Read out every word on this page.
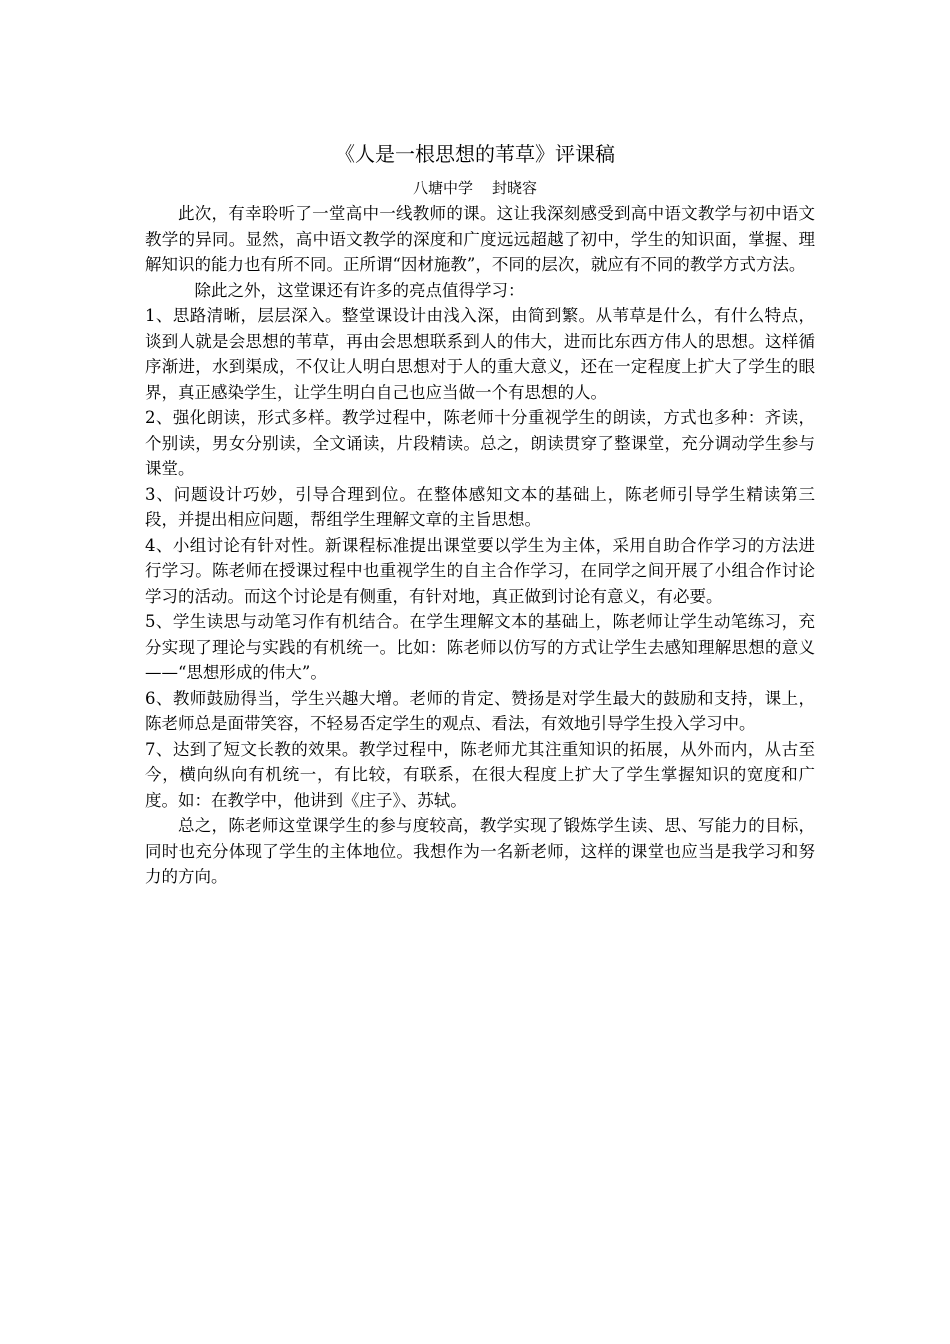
《人是一根思想的苇草》评课稿
八塘中学    封晓容

此次，有幸聆听了一堂高中一线教师的课。这让我深刻感受到高中语文教学与初中语文教学的异同。显然，高中语文教学的深度和广度远远超越了初中，学生的知识面，掌握、理解知识的能力也有所不同。正所谓“因材施教”，不同的层次，就应有不同的教学方式方法。

除此之外，这堂课还有许多的亮点值得学习：

1、思路清晰，层层深入。整堂课设计由浅入深，由简到繁。从苇草是什么，有什么特点，谈到人就是会思想的苇草，再由会思想联系到人的伟大，进而比东西方伟人的思想。这样循序渐进，水到渠成，不仅让人明白思想对于人的重大意义，还在一定程度上扩大了学生的眼界，真正感染学生，让学生明白自己也应当做一个有思想的人。

2、强化朗读，形式多样。教学过程中，陈老师十分重视学生的朗读，方式也多种：齐读，个别读，男女分别读，全文诵读，片段精读。总之，朗读贯穿了整课堂，充分调动学生参与课堂。

3、问题设计巧妙，引导合理到位。在整体感知文本的基础上，陈老师引导学生精读第三段，并提出相应问题，帮组学生理解文章的主旨思想。

4、小组讨论有针对性。新课程标准提出课堂要以学生为主体，采用自助合作学习的方法进行学习。陈老师在授课过程中也重视学生的自主合作学习，在同学之间开展了小组合作讨论学习的活动。而这个讨论是有侧重，有针对地，真正做到讨论有意义，有必要。

5、学生读思与动笔习作有机结合。在学生理解文本的基础上，陈老师让学生动笔练习，充分实现了理论与实践的有机统一。比如：陈老师以仿写的方式让学生去感知理解思想的意义——“思想形成的伟大”。

6、教师鼓励得当，学生兴趣大增。老师的肯定、赞扬是对学生最大的鼓励和支持，课上，陈老师总是面带笑容，不轻易否定学生的观点、看法，有效地引导学生投入学习中。

7、达到了短文长教的效果。教学过程中，陈老师尤其注重知识的拓展，从外而内，从古至今，横向纵向有机统一，有比较，有联系，在很大程度上扩大了学生掌握知识的宽度和广度。如：在教学中，他讲到《庄子》、苏轼。

总之，陈老师这堂课学生的参与度较高，教学实现了锻炼学生读、思、写能力的目标，同时也充分体现了学生的主体地位。我想作为一名新老师，这样的课堂也应当是我学习和努力的方向。
